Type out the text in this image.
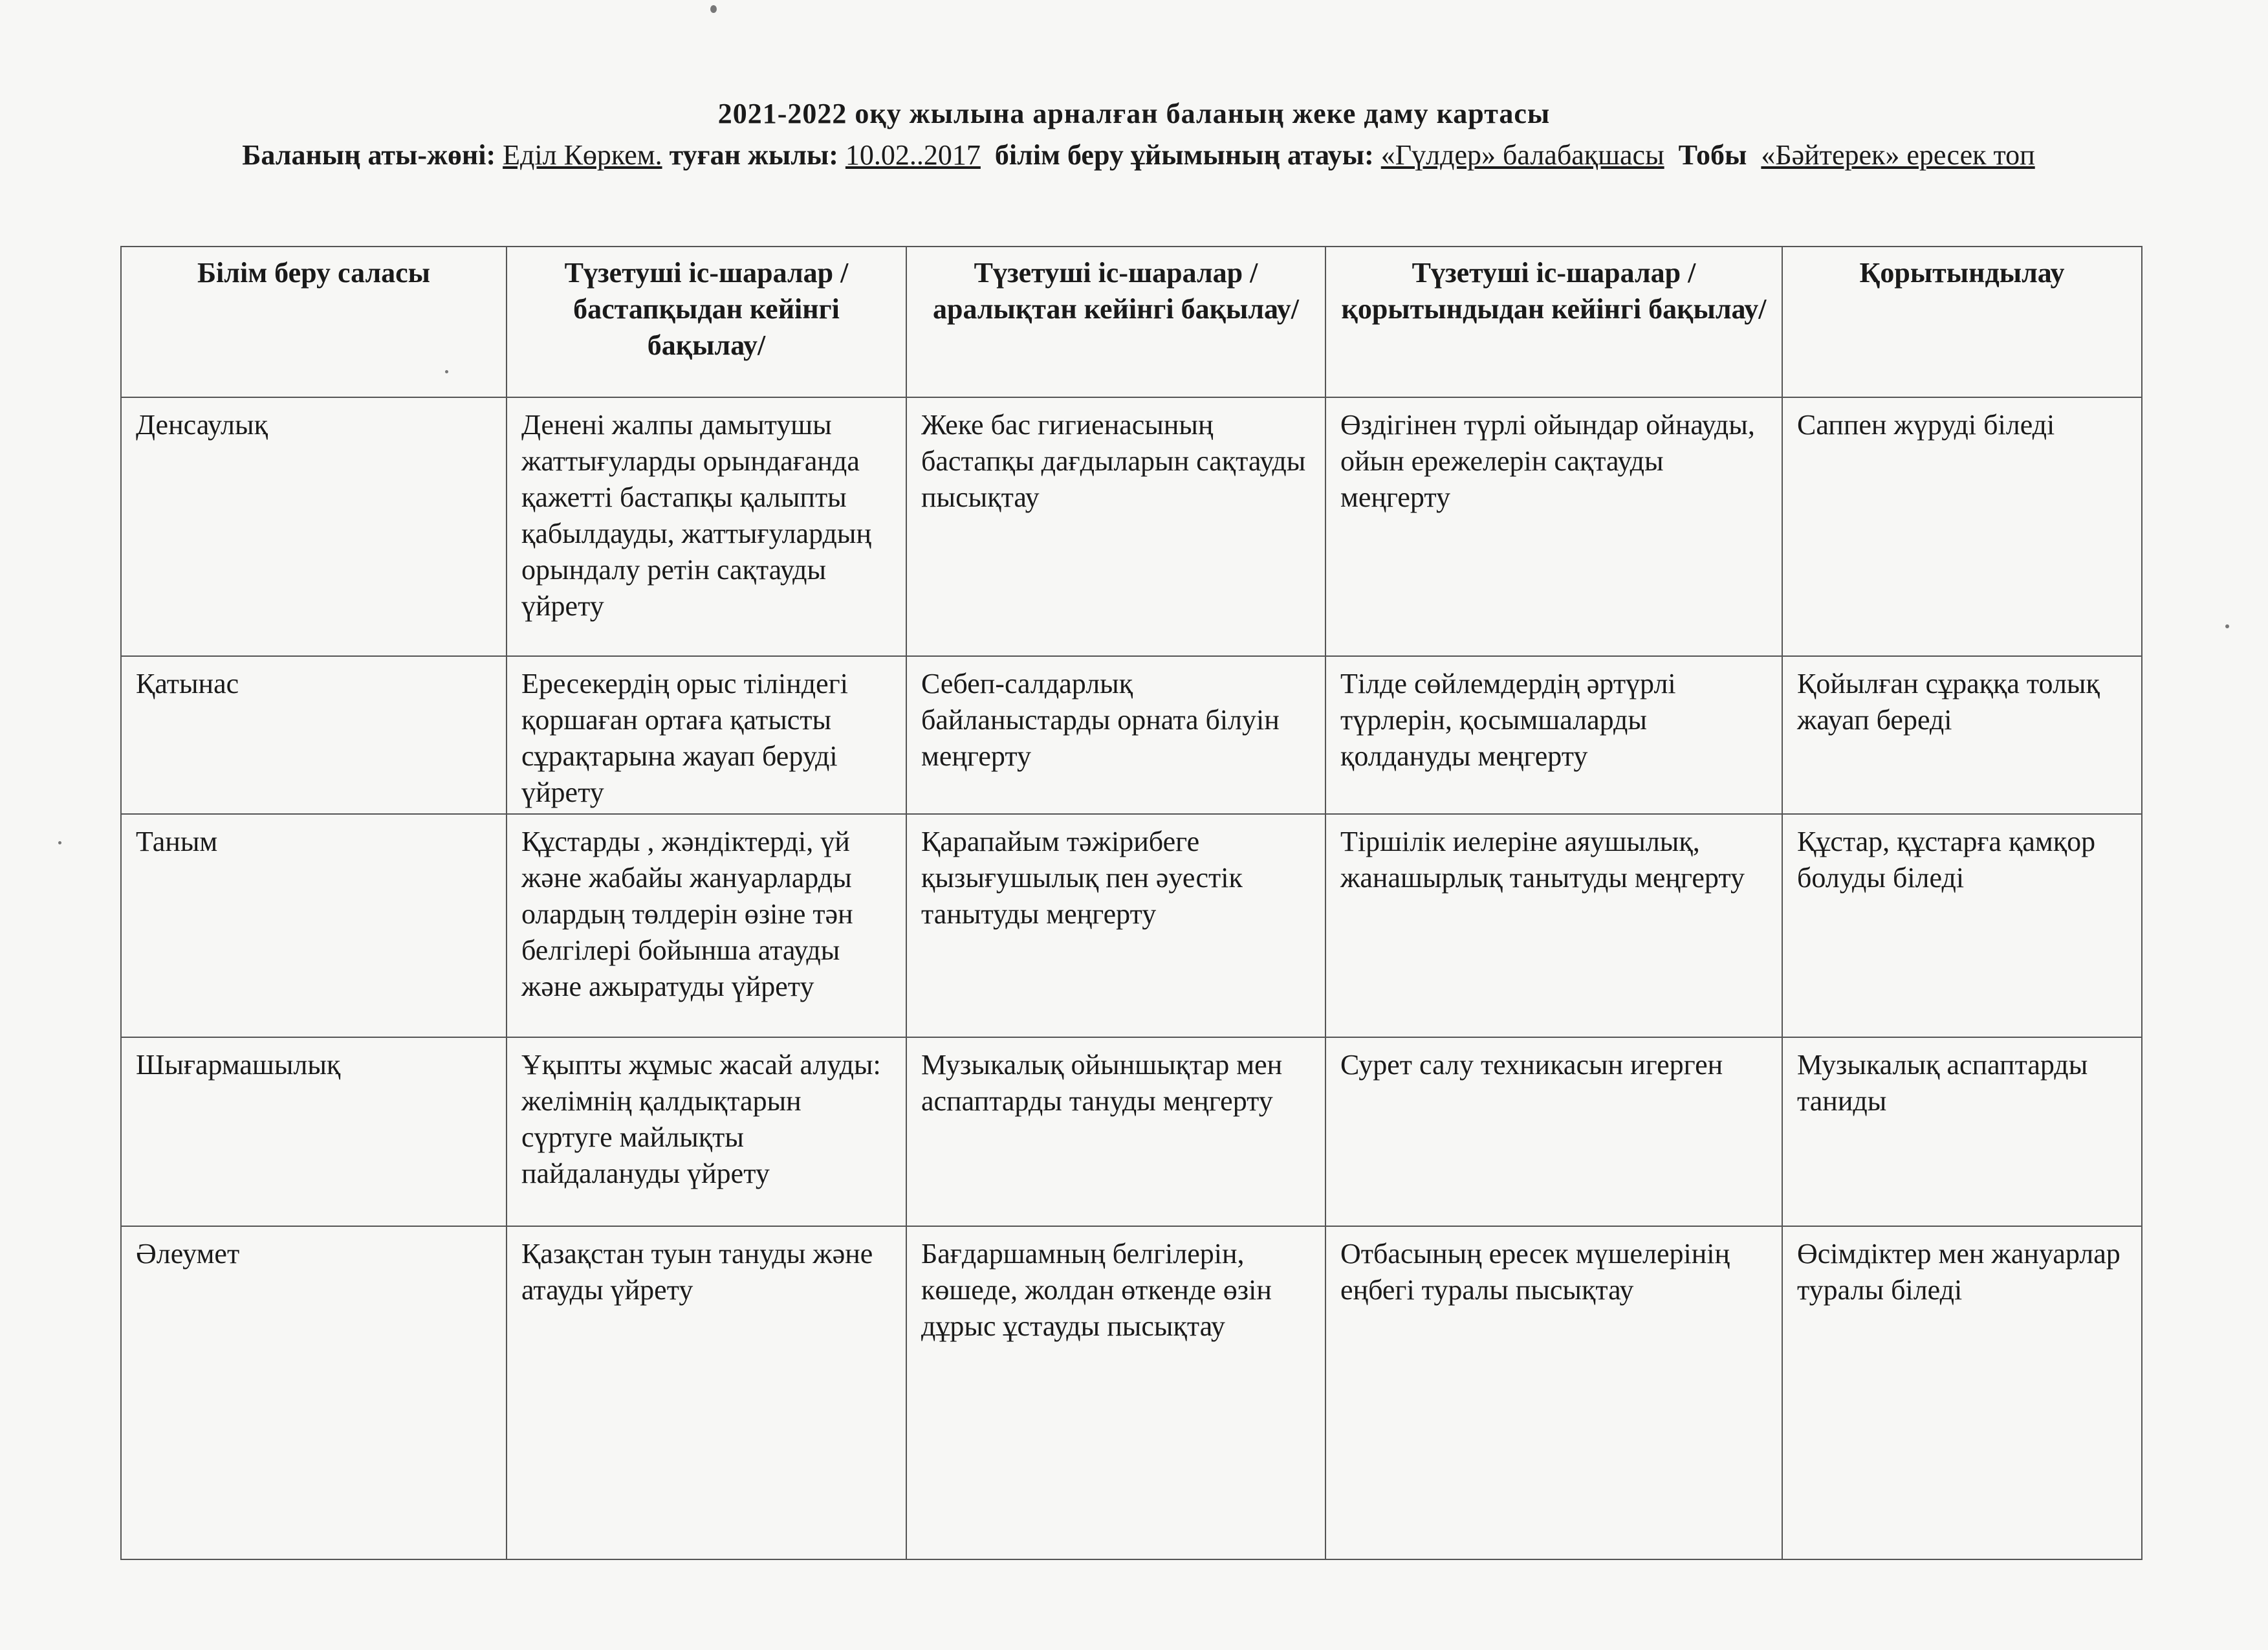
2021-2022 оқу жылына арналған баланың жеке даму картасы
Баланың аты-жөні: Еділ Көркем. туған жылы: 10.02..2017 білім беру ұйымының атауы: «Гүлдер» балабақшасы Тобы «Бәйтерек» ересек топ
Білім беру саласы	Түзетуші іс-шаралар /бастапқыдан кейінгі бақылау/	Түзетуші іс-шаралар / аралықтан кейінгі бақылау/	Түзетуші іс-шаралар / қорытындыдан кейінгі бақылау/	Қорытындылау
Денсаулық	Денені жалпы дамытушы жаттығуларды орындағанда қажетті бастапқы қалыпты қабылдауды, жаттығулардың орындалу ретін сақтауды үйрету	Жеке бас гигиенасының бастапқы дағдыларын сақтауды пысықтау	Өздігінен түрлі ойындар ойнауды, ойын ережелерін сақтауды меңгерту	Саппен жүруді біледі
Қатынас	Ересекердің орыс тіліндегі қоршаған ортаға қатысты сұрақтарына жауап беруді үйрету	Себеп-салдарлық байланыстарды орната білуін меңгерту	Тілде сөйлемдердің әртүрлі түрлерін, қосымшаларды қолдануды меңгерту	Қойылған сұраққа толық жауап береді
Таным	Құстарды , жәндіктерді, үй және жабайы жануарларды олардың төлдерін өзіне тән белгілері бойынша атауды және ажыратуды үйрету	Қарапайым тәжірибеге қызығушылық пен әуестік танытуды меңгерту	Тіршілік иелеріне аяушылық, жанашырлық танытуды меңгерту	Құстар, құстарға қамқор болуды біледі
Шығармашылық	Ұқыпты жұмыс жасай алуды: желімнің қалдықтарын сүртуге майлықты пайдалануды үйрету	Музыкалық ойыншықтар мен аспаптарды тануды меңгерту	Сурет салу техникасын игерген	Музыкалық аспаптарды таниды
Әлеумет	Қазақстан туын тануды және атауды үйрету	Бағдаршамның белгілерін, көшеде, жолдан өткенде өзін дұрыс ұстауды пысықтау	Отбасының ересек мүшелерінің еңбегі туралы пысықтау	Өсімдіктер мен жануарлар туралы біледі
